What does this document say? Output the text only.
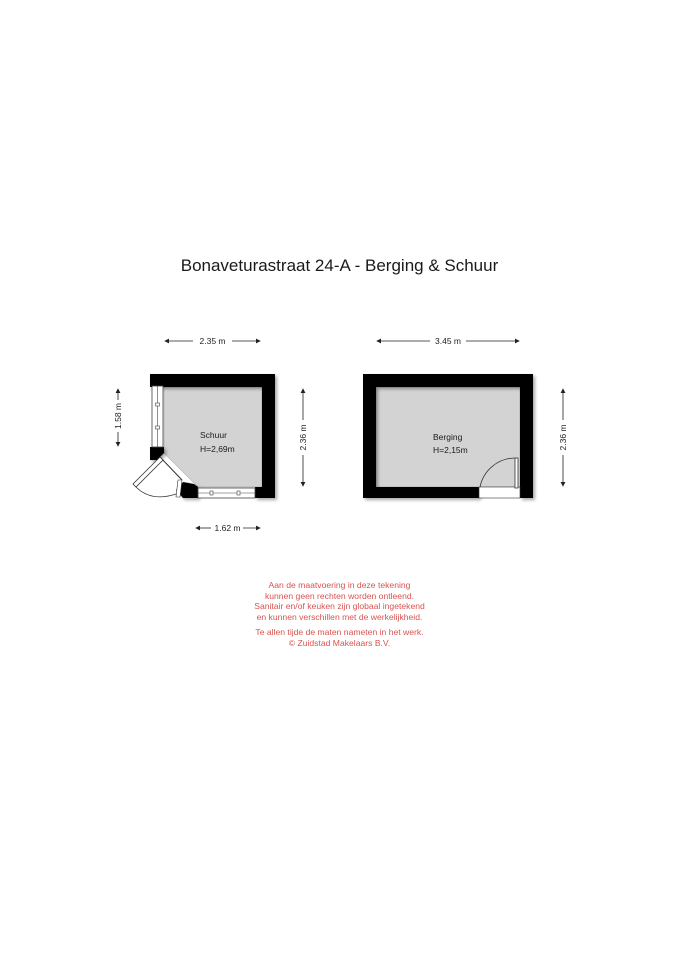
Bonaveturastraat 24-A - Berging & Schuur
Schuur
H=2,69m
2.35 m
1.58 m
2.36 m
1.62 m
Berging
H=2,15m
3.45 m
2.36 m
Aan de maatvoering in deze tekening
kunnen geen rechten worden ontleend.
Sanitair en/of keuken zijn globaal ingetekend
en kunnen verschillen met de werkelijkheid.
Te allen tijde de maten nameten in het werk.
© Zuidstad Makelaars B.V.
